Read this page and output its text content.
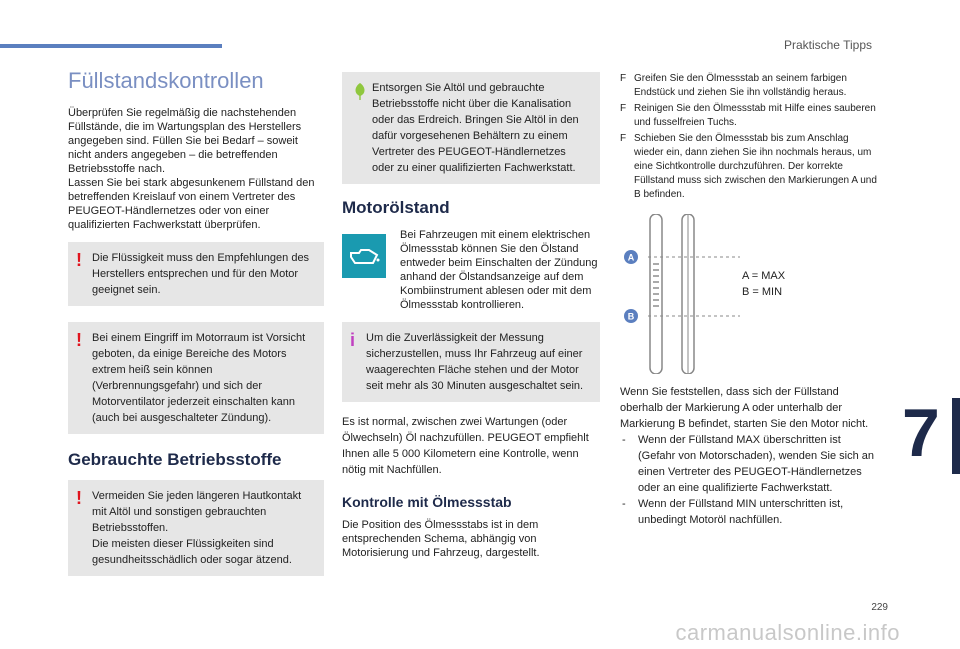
Praktische Tipps
7
229
carmanualsonline.info
Füllstandskontrollen

Überprüfen Sie regelmäßig die nachstehenden Füllstände, die im Wartungsplan des Herstellers angegeben sind. Füllen Sie bei Bedarf – soweit nicht anders angegeben – die betreffenden Betriebsstoffe nach.

Lassen Sie bei stark abgesunkenem Füllstand den betreffenden Kreislauf von einem Vertreter des PEUGEOT-Händlernetzes oder von einer qualifizierten Fachwerkstatt überprüfen.

! Die Flüssigkeit muss den Empfehlungen des Herstellers entsprechen und für den Motor geeignet sein.
! Bei einem Eingriff im Motorraum ist Vorsicht geboten, da einige Bereiche des Motors extrem heiß sein können (Verbrennungsgefahr) und sich der Motorventilator jederzeit einschalten kann (auch bei ausgeschalteter Zündung).
Gebrauchte Betriebsstoffe
! Vermeiden Sie jeden längeren Hautkontakt mit Altöl und sonstigen gebrauchten Betriebsstoffen.
Die meisten dieser Flüssigkeiten sind gesundheitsschädlich oder sogar ätzend.
Entsorgen Sie Altöl und gebrauchte Betriebsstoffe nicht über die Kanalisation oder das Erdreich. Bringen Sie Altöl in den dafür vorgesehenen Behältern zu einem Vertreter des PEUGEOT-Händlernetzes oder zu einer qualifizierten Fachwerkstatt.
Motorölstand

Bei Fahrzeugen mit einem elektrischen Ölmessstab können Sie den Ölstand entweder beim Einschalten der Zündung anhand der Ölstandsanzeige auf dem Kombiinstrument ablesen oder mit dem Ölmessstab kontrollieren.

i Um die Zuverlässigkeit der Messung sicherzustellen, muss Ihr Fahrzeug auf einer waagerechten Fläche stehen und der Motor seit mehr als 30 Minuten ausgeschaltet sein.

Es ist normal, zwischen zwei Wartungen (oder Ölwechseln) Öl nachzufüllen. PEUGEOT empfiehlt Ihnen alle 5 000 Kilometern eine Kontrolle, wenn nötig mit Nachfüllen.

Kontrolle mit Ölmessstab

Die Position des Ölmessstabs ist in dem entsprechenden Schema, abhängig von Motorisierung und Fahrzeug, dargestellt.

F Greifen Sie den Ölmessstab an seinem farbigen Endstück und ziehen Sie ihn vollständig heraus.
F Reinigen Sie den Ölmessstab mit Hilfe eines sauberen und fusselfreien Tuchs.
F Schieben Sie den Ölmessstab bis zum Anschlag wieder ein, dann ziehen Sie ihn nochmals heraus, um eine Sichtkontrolle durchzuführen. Der korrekte Füllstand muss sich zwischen den Markierungen A und B befinden.
A
B
A = MAX
B = MIN

Wenn Sie feststellen, dass sich der Füllstand oberhalb der Markierung A oder unterhalb der Markierung B befindet, starten Sie den Motor nicht.

- Wenn der Füllstand MAX überschritten ist (Gefahr von Motorschaden), wenden Sie sich an einen Vertreter des PEUGEOT-Händlernetzes oder an eine qualifizierte Fachwerkstatt.
- Wenn der Füllstand MIN unterschritten ist, unbedingt Motoröl nachfüllen.
